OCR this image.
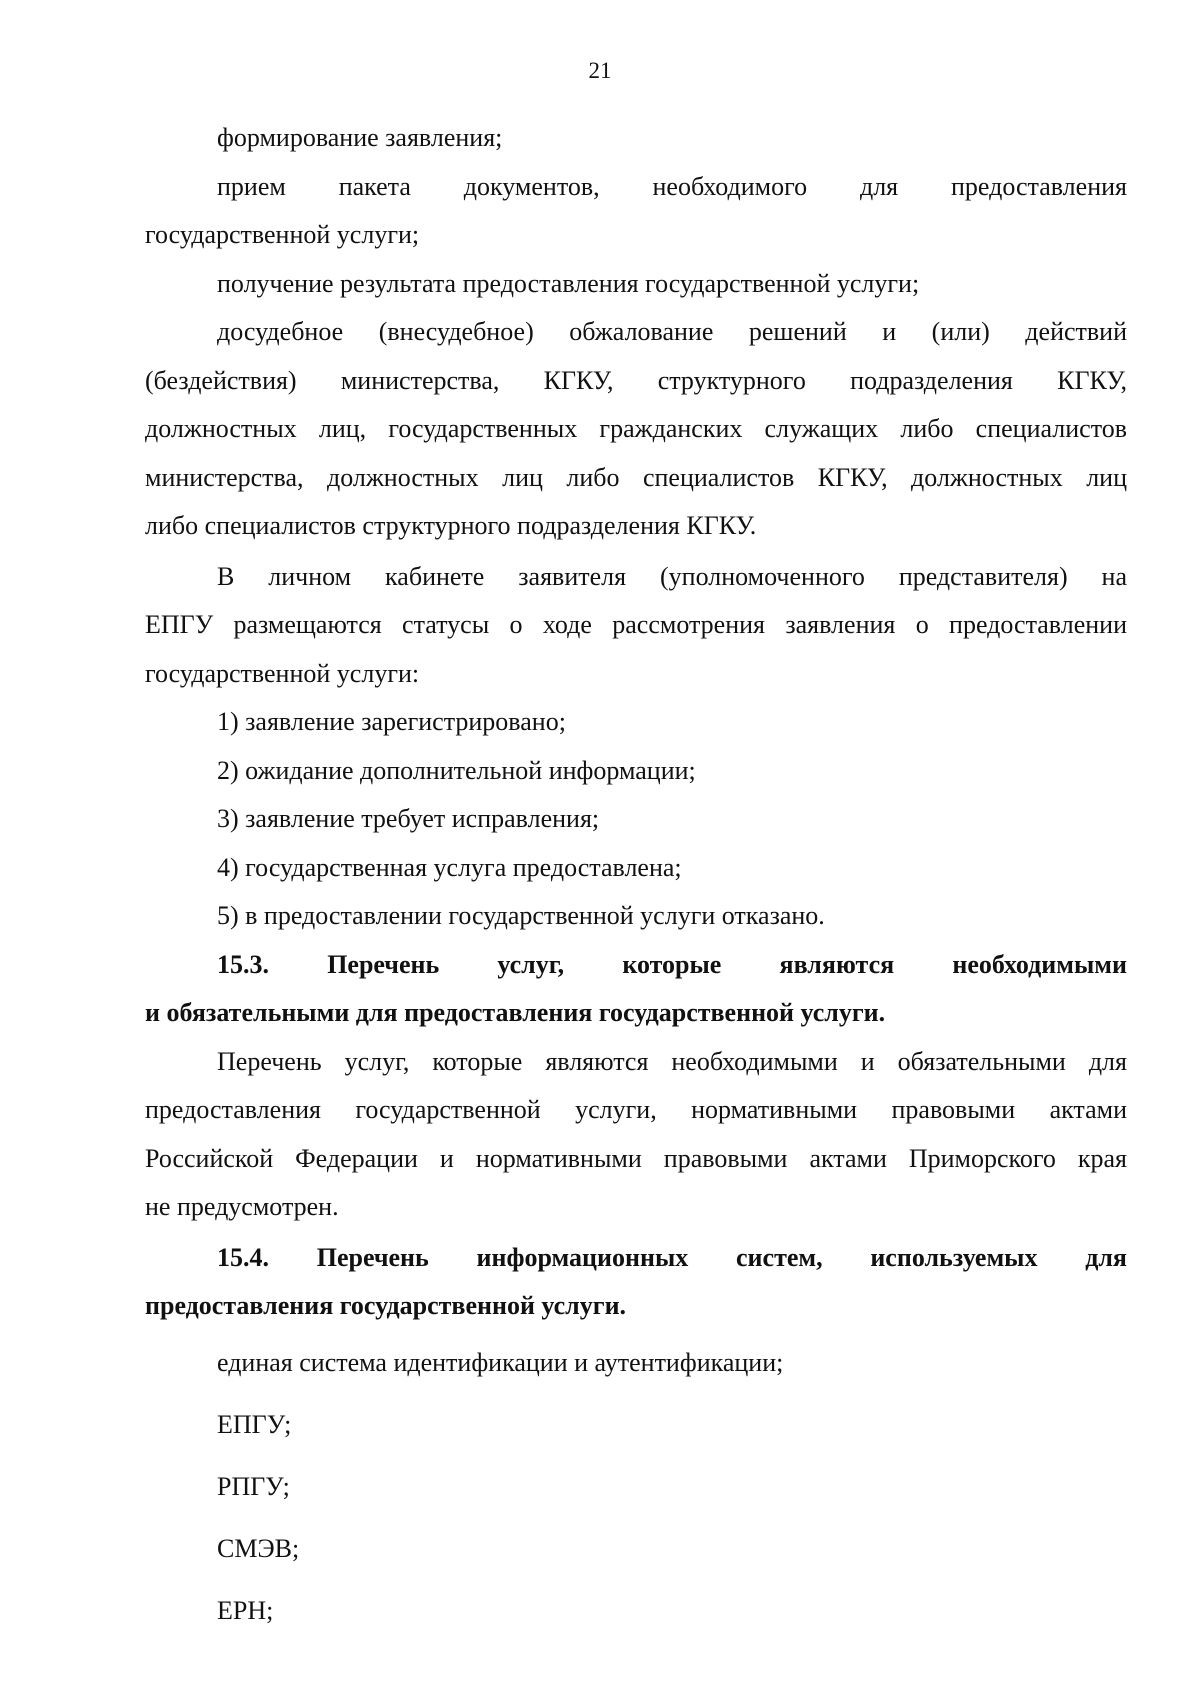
21

формирование заявления;

прием пакета документов, необходимого для предоставления

государственной услуги;

получение результата предоставления государственной услуги;

досудебное (внесудебное) обжалование решений и (или) действий

(бездействия) министерства, КГКУ, структурного подразделения КГКУ,

должностных лиц, государственных гражданских служащих либо специалистов

министерства, должностных лиц либо специалистов КГКУ, должностных лиц

либо специалистов структурного подразделения КГКУ.

В личном кабинете заявителя (уполномоченного представителя) на

ЕПГУ размещаются статусы о ходе рассмотрения заявления о предоставлении

государственной услуги:

1) заявление зарегистрировано;

2) ожидание дополнительной информации;

3) заявление требует исправления;

4) государственная услуга предоставлена;

5) в предоставлении государственной услуги отказано.

15.3. Перечень услуг, которые являются необходимыми

и обязательными для предоставления государственной услуги.

Перечень услуг, которые являются необходимыми и обязательными для

предоставления государственной услуги, нормативными правовыми актами

Российской Федерации и нормативными правовыми актами Приморского края

не предусмотрен.

15.4. Перечень информационных систем, используемых для

предоставления государственной услуги.

единая система идентификации и аутентификации;

ЕПГУ;

РПГУ;

СМЭВ;

ЕРН;
